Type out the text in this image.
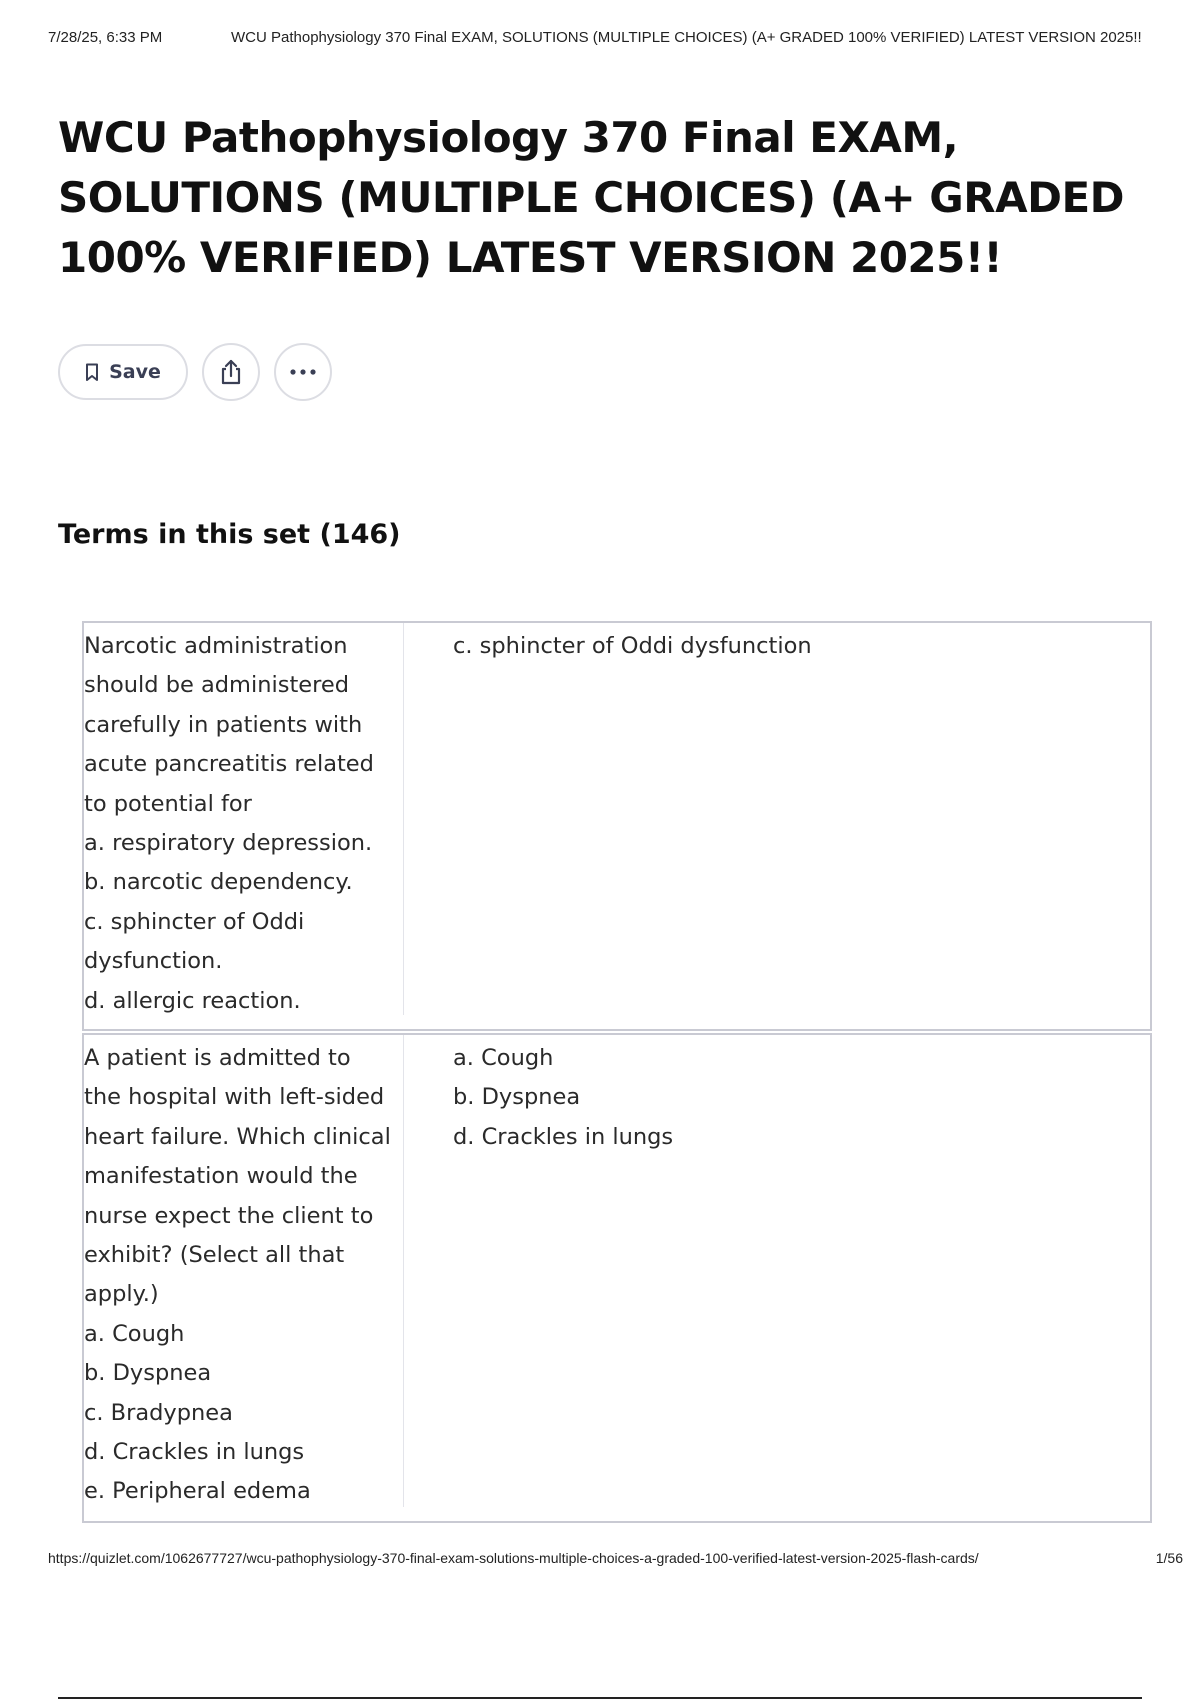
7/28/25, 6:33 PM	WCU Pathophysiology 370 Final EXAM, SOLUTIONS (MULTIPLE CHOICES) (A+ GRADED 100% VERIFIED) LATEST VERSION 2025!!
WCU Pathophysiology 370 Final EXAM,
SOLUTIONS (MULTIPLE CHOICES) (A+ GRADED
100% VERIFIED) LATEST VERSION 2025!!
Save
Terms in this set (146)
Narcotic administration
should be administered
carefully in patients with
acute pancreatitis related
to potential for
a. respiratory depression.
b. narcotic dependency.
c. sphincter of Oddi
dysfunction.
d. allergic reaction.
c. sphincter of Oddi dysfunction
A patient is admitted to
the hospital with left-sided
heart failure. Which clinical
manifestation would the
nurse expect the client to
exhibit? (Select all that
apply.)
a. Cough
b. Dyspnea
c. Bradypnea
d. Crackles in lungs
e. Peripheral edema
a. Cough
b. Dyspnea
d. Crackles in lungs
https://quizlet.com/1062677727/wcu-pathophysiology-370-final-exam-solutions-multiple-choices-a-graded-100-verified-latest-version-2025-flash-cards/	1/56
